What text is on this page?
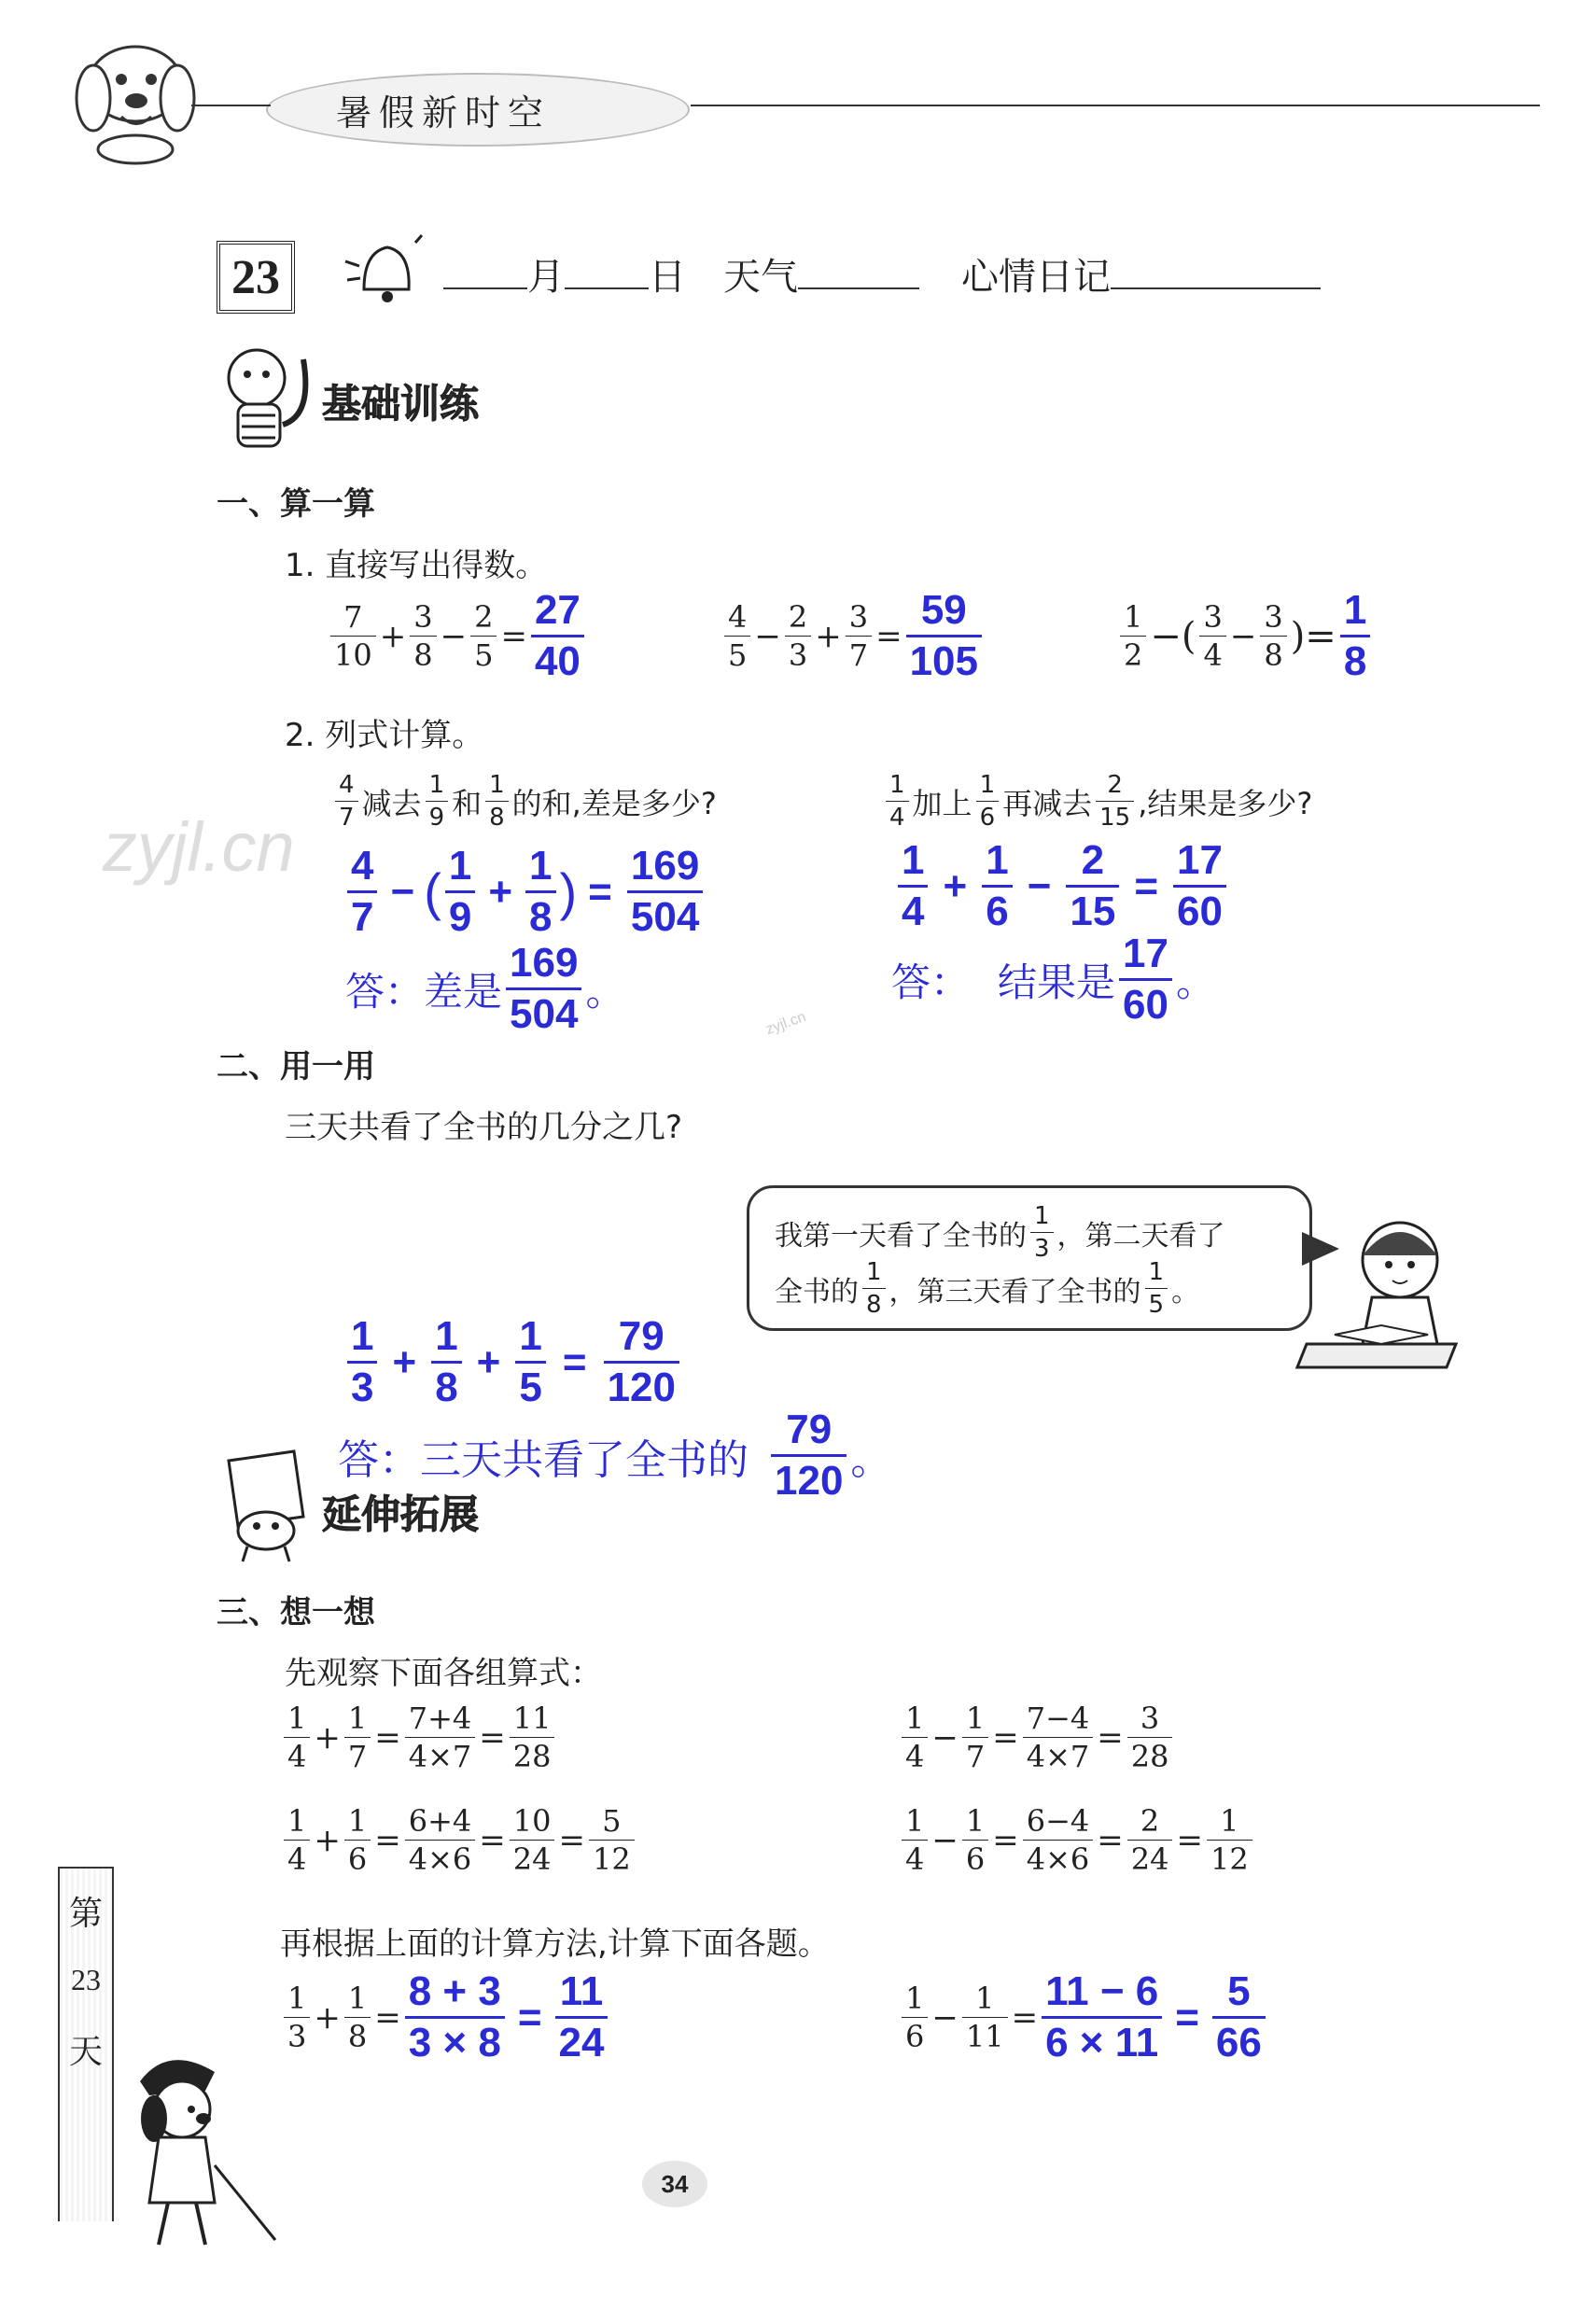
暑假新时空
23	月 日 天气	心情日记
基础训练
一、算一算
1. 直接写出得数。
$\frac{7}{10} + \frac{3}{8} - \frac{2}{5} = \frac{27}{40}$	$\frac{4}{5} - \frac{2}{3} + \frac{3}{7} = \frac{59}{105}$	$\frac{1}{2}$ −( $\frac{3}{4} - \frac{3}{8}$ )= $\frac{1}{8}$
2. 列式计算。
$\frac{4}{7}$ 减去 $\frac{1}{9}$ 和 $\frac{1}{8}$ 的和,差是多少?
$\frac{4}{7}$ − ( $\frac{1}{9} + \frac{1}{8}$ ) = $\frac{169}{504}$
答：差是 $\frac{169}{504}$ 。
$\frac{1}{4}$ 加上 $\frac{1}{6}$ 再减去 $\frac{2}{15}$ ,结果是多少?
$\frac{1}{4} + \frac{1}{6} - \frac{2}{15} = \frac{17}{60}$
答： 结果是 $\frac{17}{60}$ 。
zyjl.cn
zyjl.cn
二、用一用
三天共看了全书的几分之几?
我第一天看了全书的 $\frac{1}{3}$ ，第二天看了
全书的 $\frac{1}{8}$ ，第三天看了全书的 $\frac{1}{5}$ 。
$\frac{1}{3} + \frac{1}{8} + \frac{1}{5} = \frac{79}{120}$
答：三天共看了全书的 $\frac{79}{120}$ 。
延伸拓展
三、想一想
先观察下面各组算式：
$\frac{1}{4} + \frac{1}{7} = \frac{7+4}{4\times 7} = \frac{11}{28}$	$\frac{1}{4} - \frac{1}{7} = \frac{7-4}{4\times 7} = \frac{3}{28}$
$\frac{1}{4} + \frac{1}{6} = \frac{6+4}{4\times 6} = \frac{10}{24} = \frac{5}{12}$	$\frac{1}{4} - \frac{1}{6} = \frac{6-4}{4\times 6} = \frac{2}{24} = \frac{1}{12}$
再根据上面的计算方法,计算下面各题。
$\frac{1}{3} + \frac{1}{8} = \frac{8 + 3}{3 \times 8} = \frac{11}{24}$	$\frac{1}{6} - \frac{1}{11} = \frac{11 - 6}{6 \times 11} = \frac{5}{66}$
第
23
天
34
